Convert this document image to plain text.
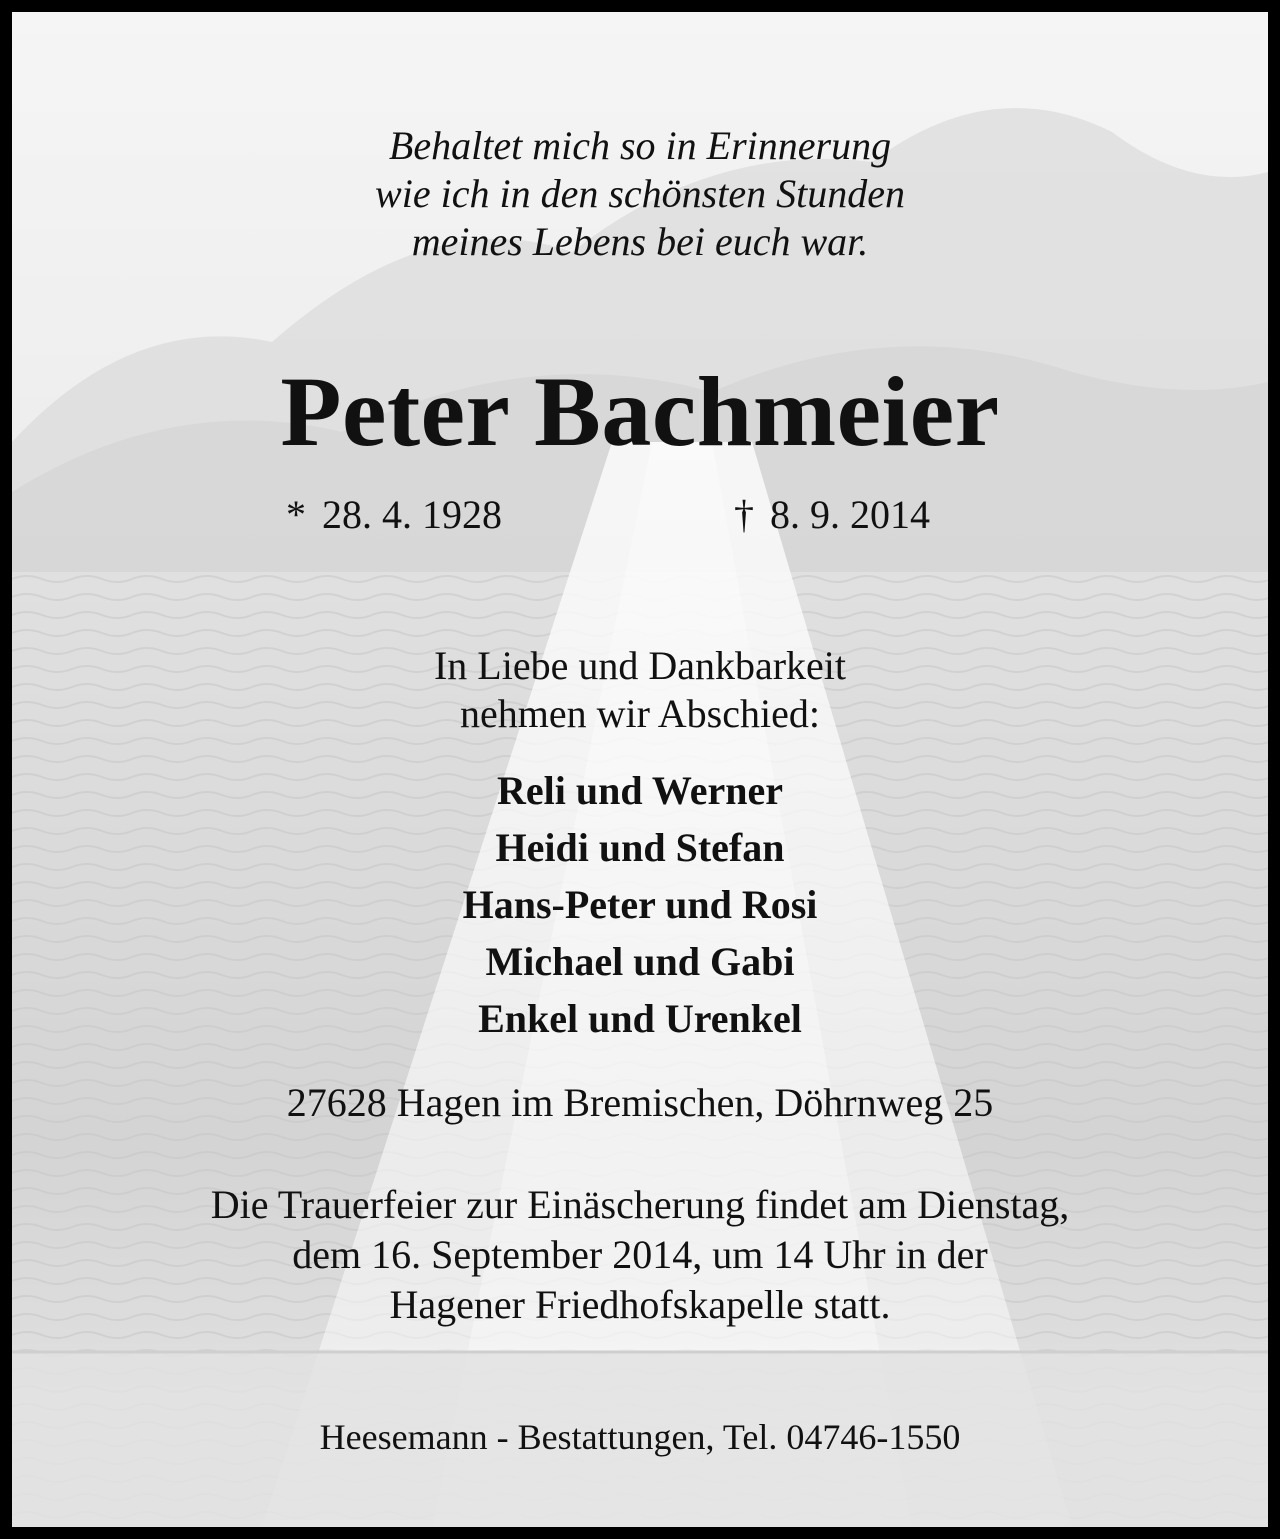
Behaltet mich so in Erinnerung
wie ich in den schönsten Stunden
meines Lebens bei euch war.
Peter Bachmeier
* 28. 4. 1928	† 8. 9. 2014
In Liebe und Dankbarkeit
nehmen wir Abschied:
Reli und Werner
Heidi und Stefan
Hans-Peter und Rosi
Michael und Gabi
Enkel und Urenkel
27628 Hagen im Bremischen, Döhrnweg 25
Die Trauerfeier zur Einäscherung findet am Dienstag,
dem 16. September 2014, um 14 Uhr in der
Hagener Friedhofskapelle statt.
Heesemann - Bestattungen, Tel. 04746-1550
